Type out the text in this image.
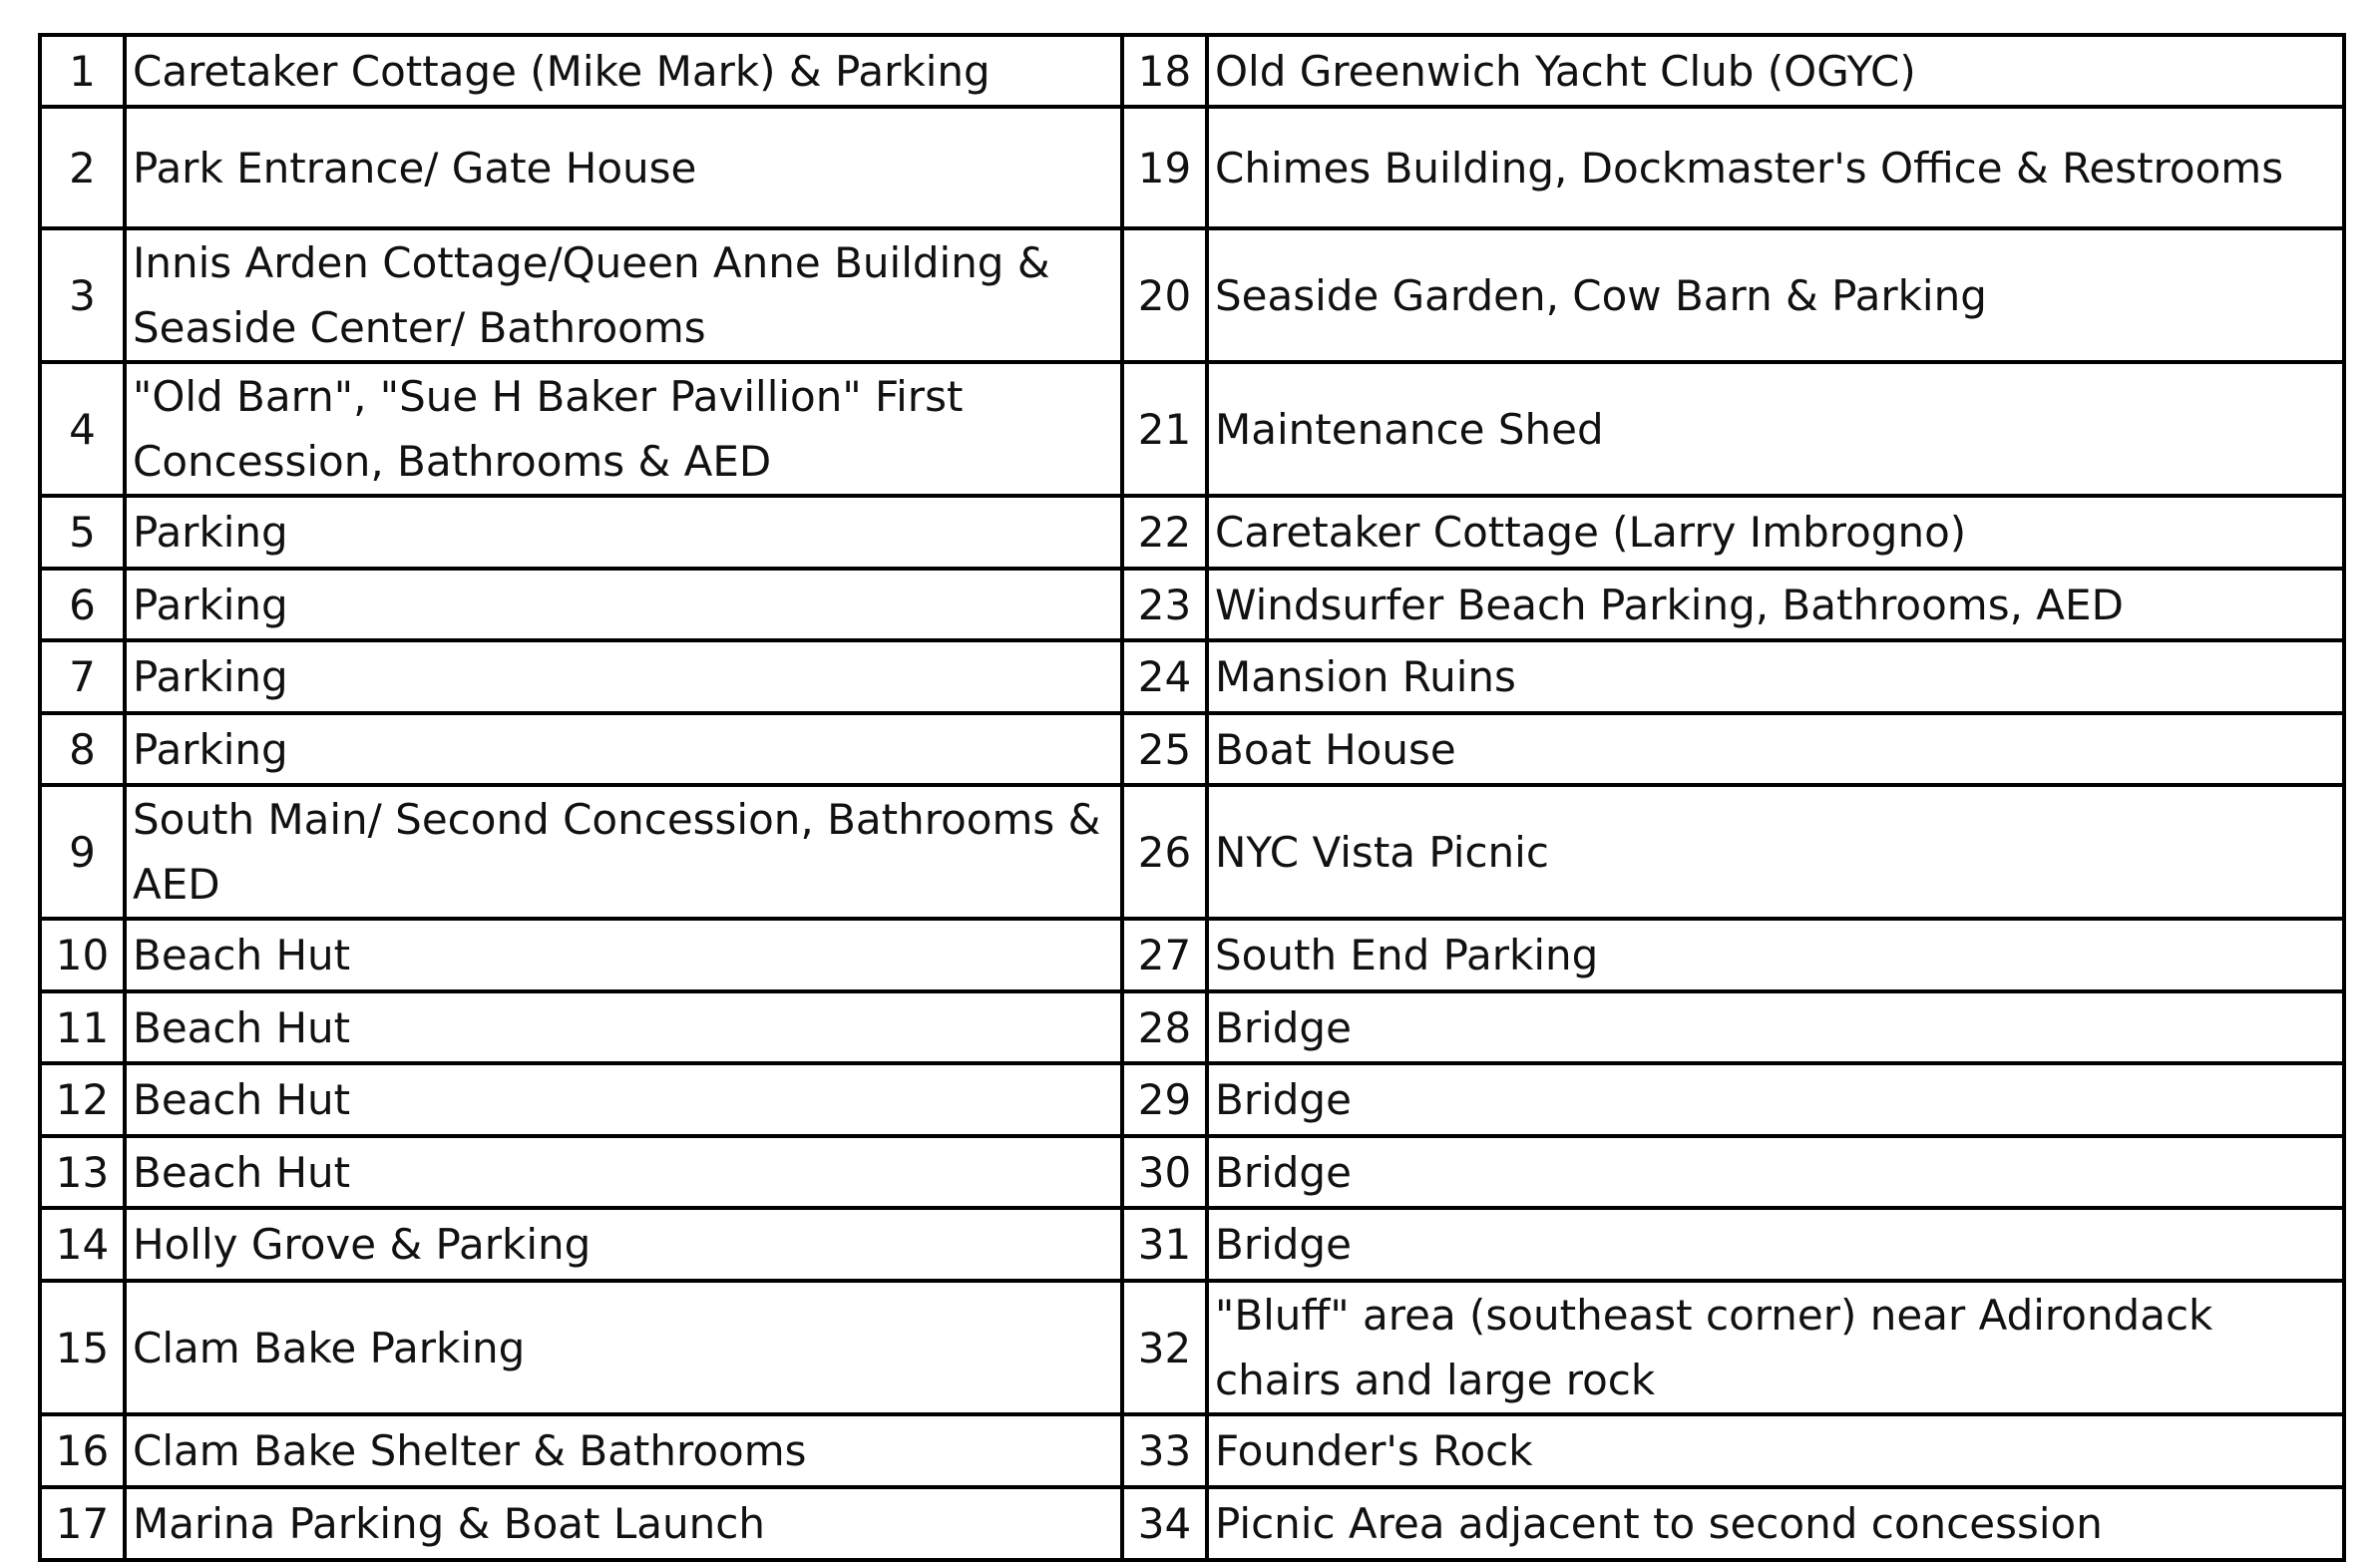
1	Caretaker Cottage (Mike Mark) & Parking	18	Old Greenwich Yacht Club (OGYC)
2	Park Entrance/ Gate House	19	Chimes Building, Dockmaster's Office & Restrooms
3	Innis Arden Cottage/Queen Anne Building & Seaside Center/ Bathrooms	20	Seaside Garden, Cow Barn & Parking
4	"Old Barn", "Sue H Baker Pavillion" First Concession, Bathrooms & AED	21	Maintenance Shed
5	Parking	22	Caretaker Cottage (Larry Imbrogno)
6	Parking	23	Windsurfer Beach Parking, Bathrooms, AED
7	Parking	24	Mansion Ruins
8	Parking	25	Boat House
9	South Main/ Second Concession, Bathrooms & AED	26	NYC Vista Picnic
10	Beach Hut	27	South End Parking
11	Beach Hut	28	Bridge
12	Beach Hut	29	Bridge
13	Beach Hut	30	Bridge
14	Holly Grove & Parking	31	Bridge
15	Clam Bake Parking	32	"Bluff" area (southeast corner) near Adirondack chairs and large rock
16	Clam Bake Shelter & Bathrooms	33	Founder's Rock
17	Marina Parking & Boat Launch	34	Picnic Area adjacent to second concession
